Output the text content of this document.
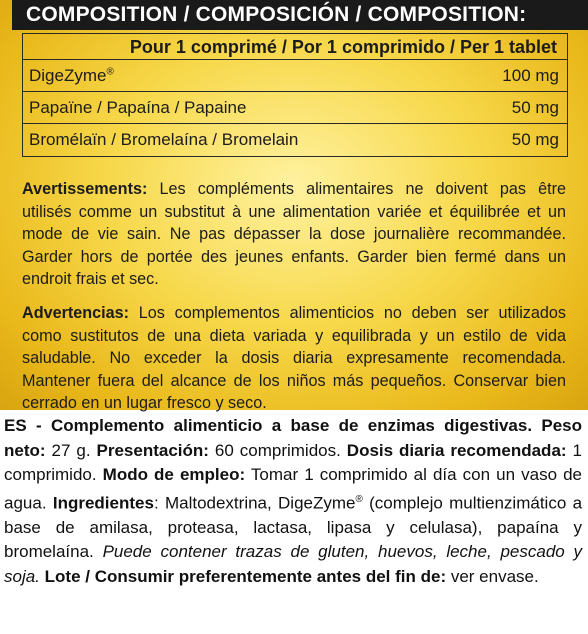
COMPOSITION / COMPOSICIÓN / COMPOSITION:
Pour 1 comprimé / Por 1 comprimido / Per 1 tablet
DigeZyme®	100 mg
Papaïne / Papaína / Papaine	50 mg
Bromélaïn / Bromelaína / Bromelain	50 mg
Avertissements: Les compléments alimentaires ne doivent pas être utilisés comme un substitut à une alimentation variée et équilibrée et un mode de vie sain. Ne pas dépasser la dose journalière recommandée. Garder hors de portée des jeunes enfants. Garder bien fermé dans un endroit frais et sec.
Advertencias: Los complementos alimenticios no deben ser utilizados como sustitutos de una dieta variada y equilibrada y un estilo de vida saludable. No exceder la dosis diaria expresamente recomendada. Mantener fuera del alcance de los niños más pequeños. Conservar bien cerrado en un lugar fresco y seco.
ES - Complemento alimenticio a base de enzimas digestivas. Peso neto: 27 g. Presentación: 60 comprimidos. Dosis diaria recomendada: 1 comprimido. Modo de empleo: Tomar 1 comprimido al día con un vaso de agua. Ingredientes: Maltodextrina, DigeZyme® (complejo multienzimático a base de amilasa, proteasa, lactasa, lipasa y celulasa), papaína y bromelaína. Puede contener trazas de gluten, huevos, leche, pescado y soja. Lote / Consumir preferentemente antes del fin de: ver envase.
